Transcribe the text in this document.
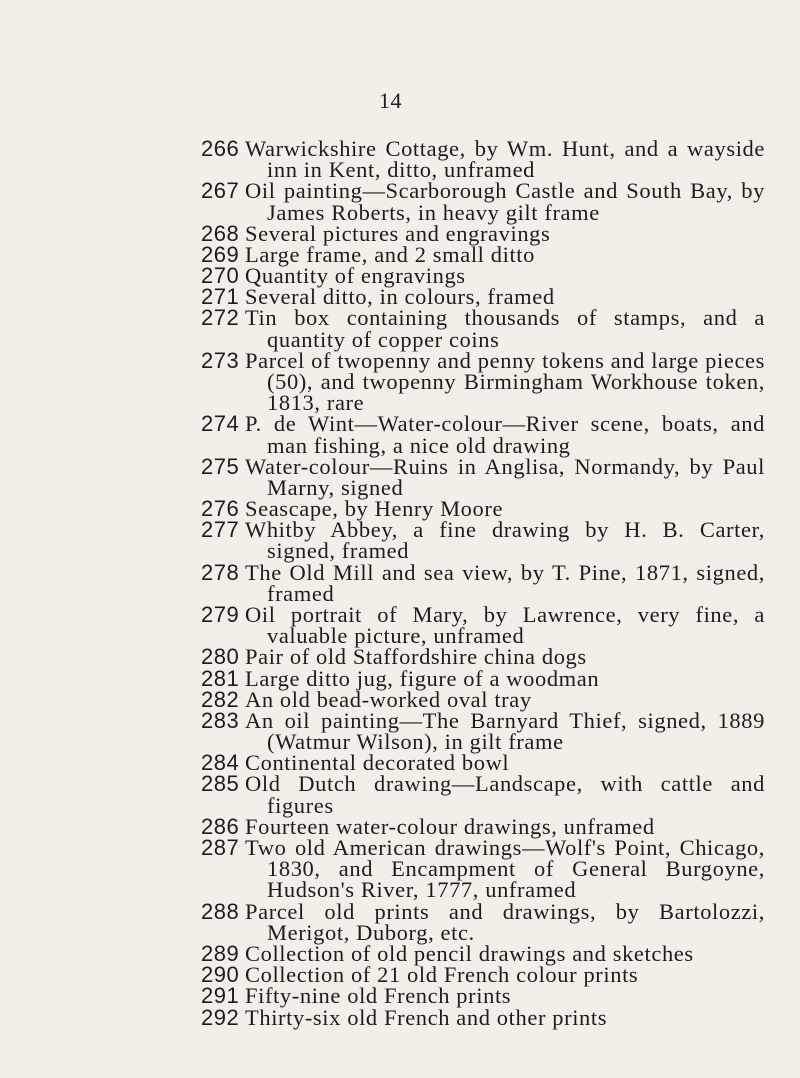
14
266 Warwickshire Cottage, by Wm. Hunt, and a wayside inn in Kent, ditto, unframed
267 Oil painting—Scarborough Castle and South Bay, by James Roberts, in heavy gilt frame
268 Several pictures and engravings
269 Large frame, and 2 small ditto
270 Quantity of engravings
271 Several ditto, in colours, framed
272 Tin box containing thousands of stamps, and a quantity of copper coins
273 Parcel of twopenny and penny tokens and large pieces (50), and twopenny Birmingham Workhouse token, 1813, rare
274 P. de Wint—Water-colour—River scene, boats, and man fishing, a nice old drawing
275 Water-colour—Ruins in Anglisa, Normandy, by Paul Marny, signed
276 Seascape, by Henry Moore
277 Whitby Abbey, a fine drawing by H. B. Carter, signed, framed
278 The Old Mill and sea view, by T. Pine, 1871, signed, framed
279 Oil portrait of Mary, by Lawrence, very fine, a valuable picture, unframed
280 Pair of old Staffordshire china dogs
281 Large ditto jug, figure of a woodman
282 An old bead-worked oval tray
283 An oil painting—The Barnyard Thief, signed, 1889 (Watmur Wilson), in gilt frame
284 Continental decorated bowl
285 Old Dutch drawing—Landscape, with cattle and figures
286 Fourteen water-colour drawings, unframed
287 Two old American drawings—Wolf's Point, Chicago, 1830, and Encampment of General Burgoyne, Hudson's River, 1777, unframed
288 Parcel old prints and drawings, by Bartolozzi, Merigot, Duborg, etc.
289 Collection of old pencil drawings and sketches
290 Collection of 21 old French colour prints
291 Fifty-nine old French prints
292 Thirty-six old French and other prints
